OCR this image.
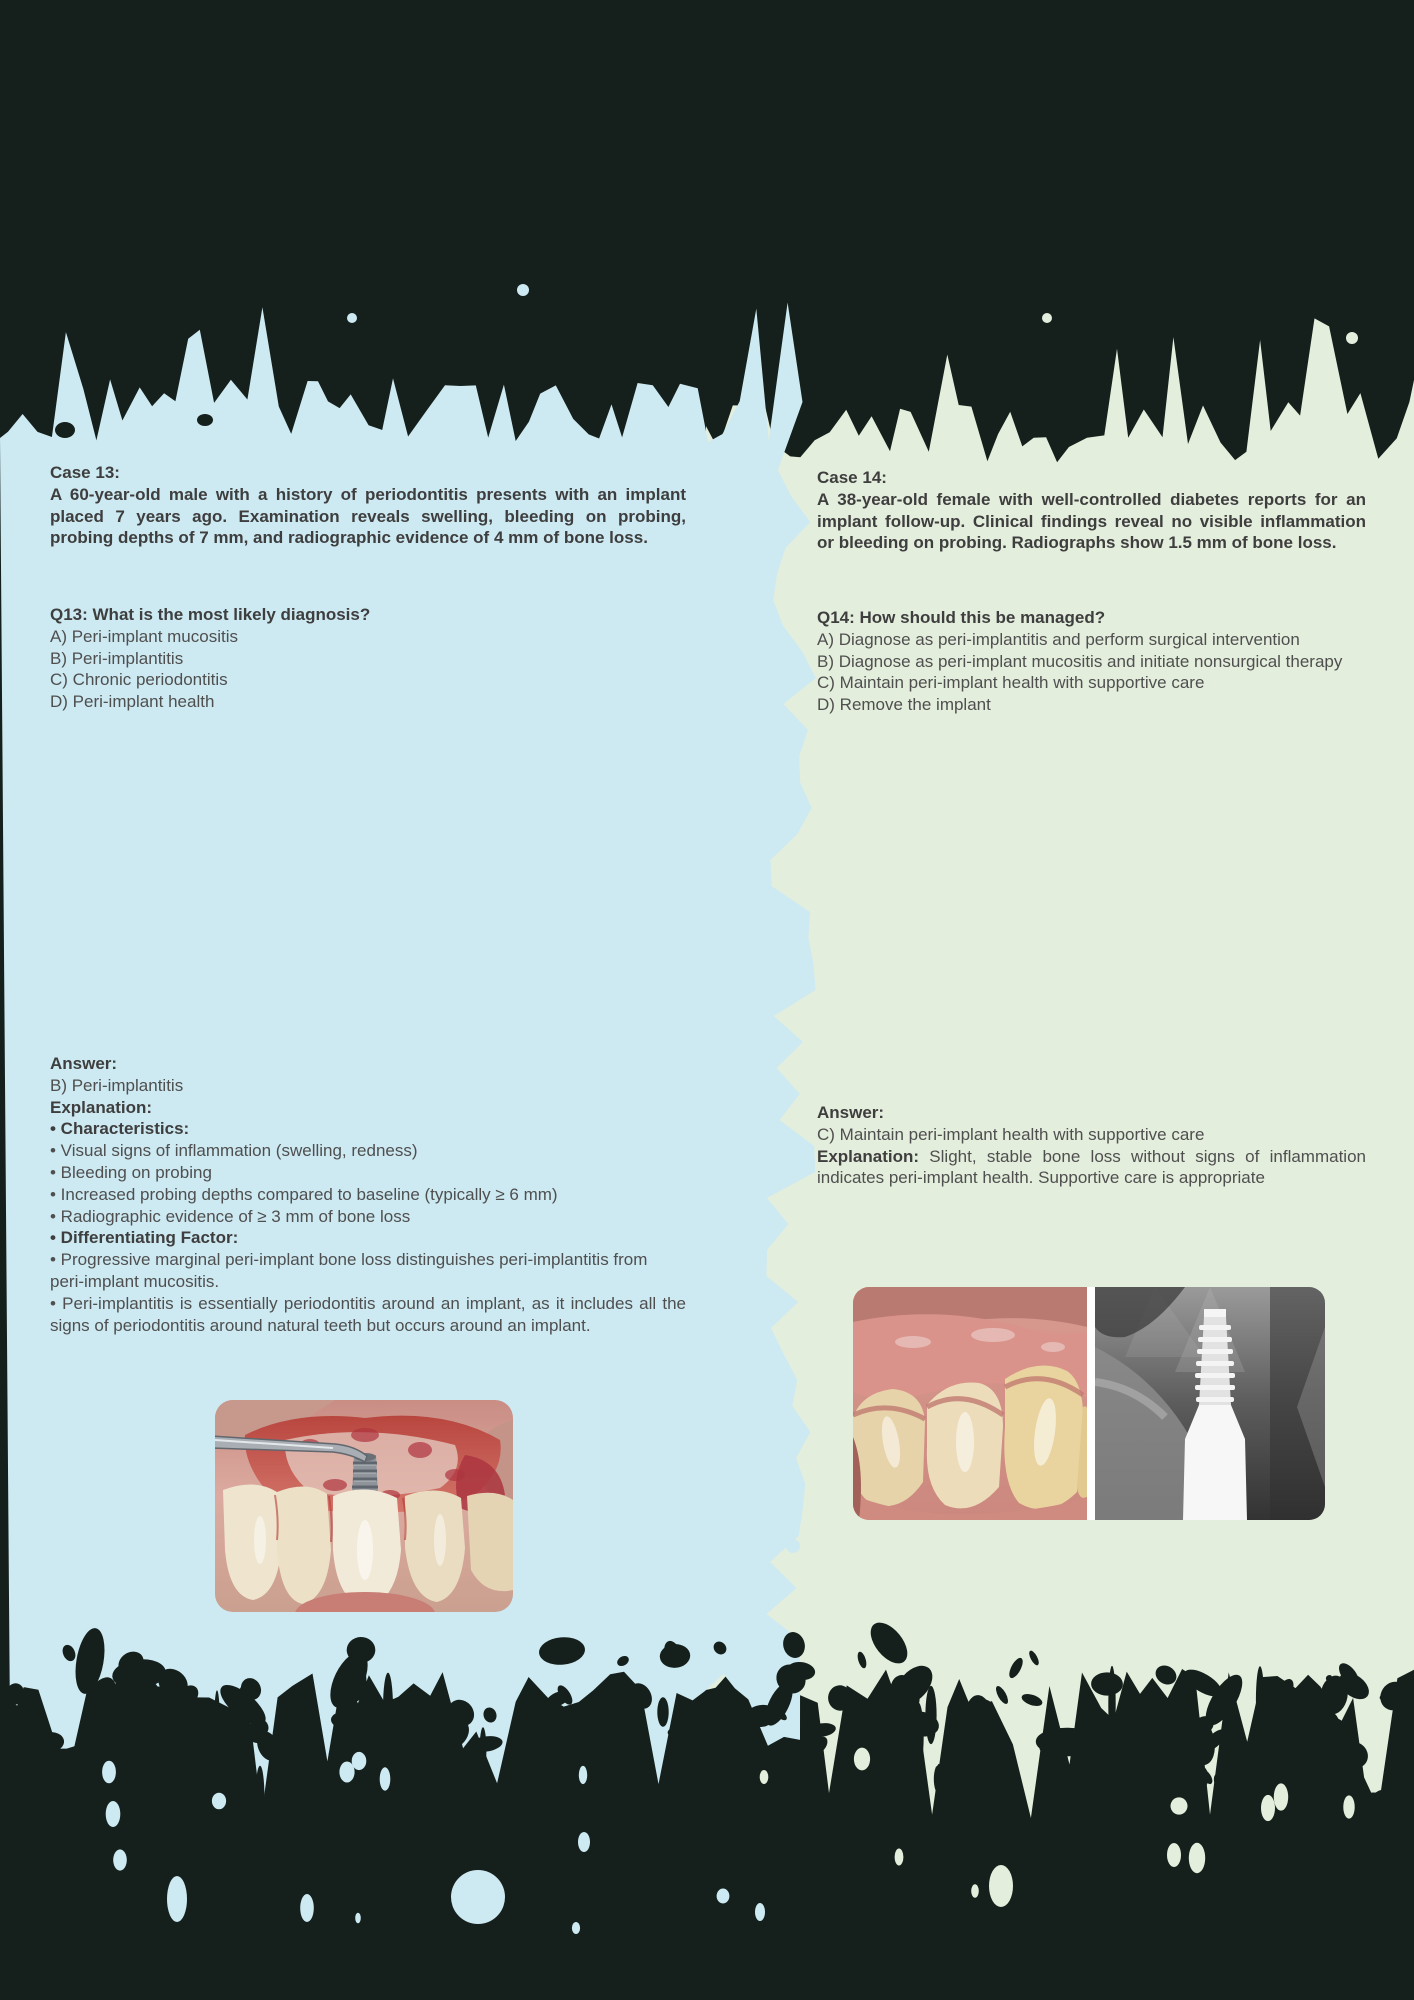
Case 13:

A 60-year-old male with a history of periodontitis presents with an implant placed 7 years ago. Examination reveals swelling, bleeding on probing, probing depths of 7 mm, and radiographic evidence of 4 mm of bone loss.

Q13: What is the most likely diagnosis?

A) Peri-implant mucositis

B) Peri-implantitis

C) Chronic periodontitis

D) Peri-implant health

Answer:

B) Peri-implantitis

Explanation:

• Characteristics:

• Visual signs of inflammation (swelling, redness)

• Bleeding on probing

• Increased probing depths compared to baseline (typically ≥ 6 mm)

• Radiographic evidence of ≥ 3 mm of bone loss

• Differentiating Factor:

• Progressive marginal peri-implant bone loss distinguishes peri-implantitis from peri-implant mucositis.

• Peri-implantitis is essentially periodontitis around an implant, as it includes all the signs of periodontitis around natural teeth but occurs around an implant.

Case 14:

A 38-year-old female with well-controlled diabetes reports for an implant follow-up. Clinical findings reveal no visible inflammation or bleeding on probing. Radiographs show 1.5 mm of bone loss.

Q14: How should this be managed?

A) Diagnose as peri-implantitis and perform surgical intervention

B) Diagnose as peri-implant mucositis and initiate nonsurgical therapy

C) Maintain peri-implant health with supportive care

D) Remove the implant

Answer:

C) Maintain peri-implant health with supportive care

Explanation: Slight, stable bone loss without signs of inflammation indicates peri-implant health. Supportive care is appropriate
